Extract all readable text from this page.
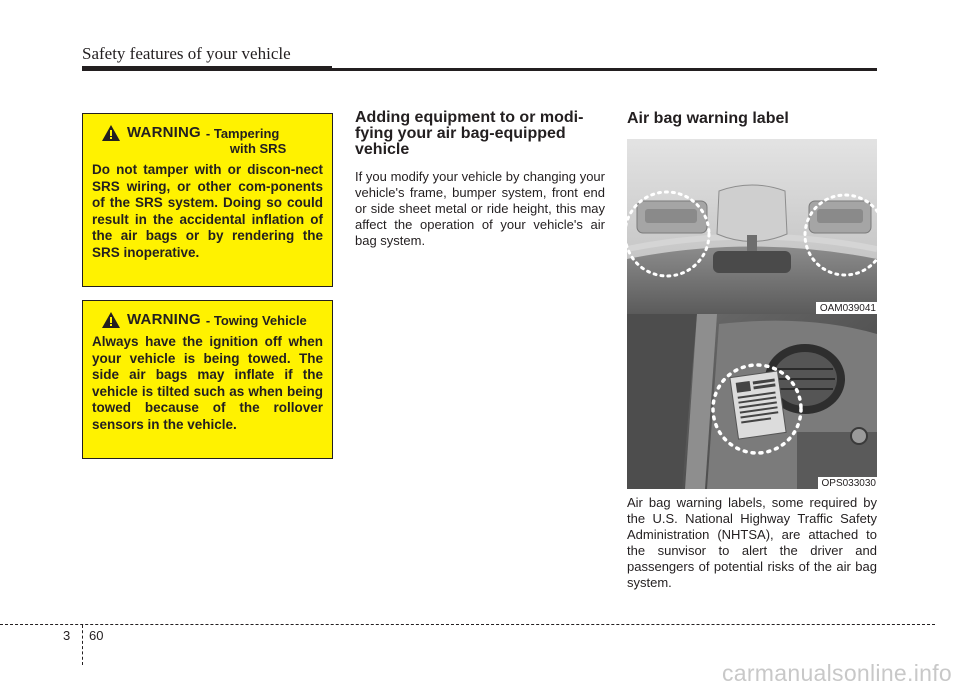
Safety features of your vehicle
WARNING - Tampering
with SRS
Do not tamper with or discon-nect SRS wiring, or other com-ponents of the SRS system. Doing so could result in the accidental inflation of the air bags or by rendering the SRS inoperative.
WARNING - Towing Vehicle
Always have the ignition off when your vehicle is being towed. The side air bags may inflate if the vehicle is tilted such as when being towed because of the rollover sensors in the vehicle.
Adding equipment to or modi-fying your air bag-equipped vehicle
If you modify your vehicle by changing your vehicle's frame, bumper system, front end or side sheet metal or ride height, this may affect the operation of your vehicle's air bag system.
Air bag warning label
OAM039041
OPS033030
Air bag warning labels, some required by the U.S. National Highway Traffic Safety Administration (NHTSA), are attached to the sunvisor to alert the driver and passengers of potential risks of the air bag system.
3 60
carmanualsonline.info
